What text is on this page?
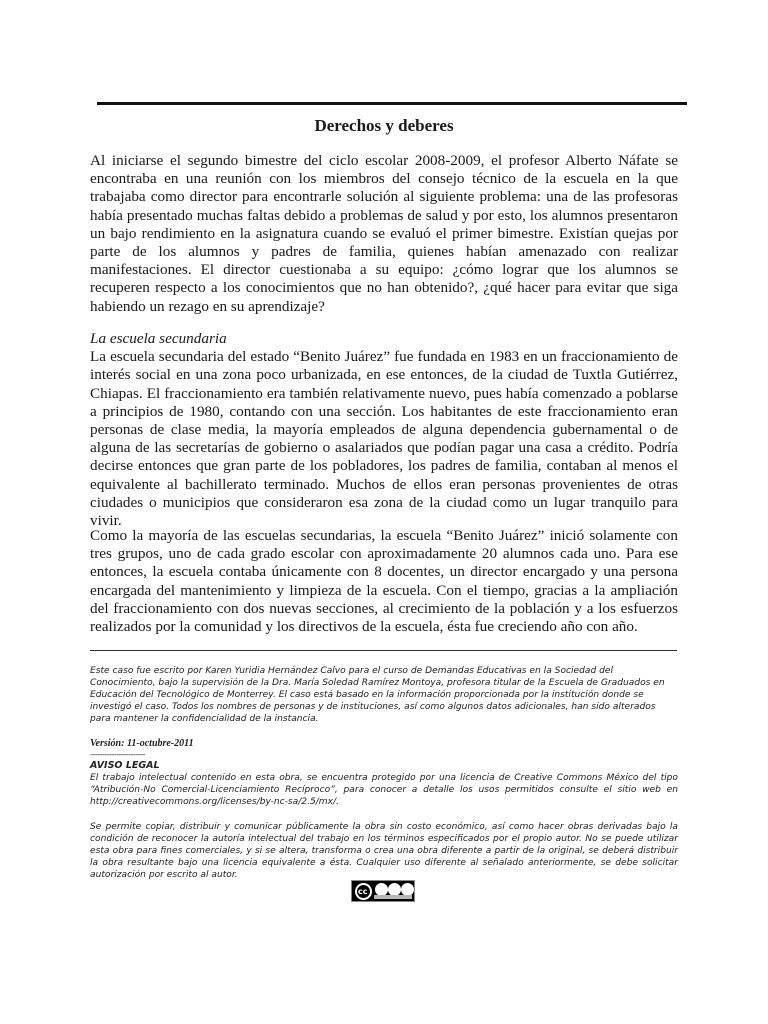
Derechos y deberes

Al iniciarse el segundo bimestre del ciclo escolar 2008-2009, el profesor Alberto Náfate se encontraba en una reunión con los miembros del consejo técnico de la escuela en la que trabajaba como director para encontrarle solución al siguiente problema: una de las profesoras había presentado muchas faltas debido a problemas de salud y por esto, los alumnos presentaron un bajo rendimiento en la asignatura cuando se evaluó el primer bimestre. Existían quejas por parte de los alumnos y padres de familia, quienes habían amenazado con realizar manifestaciones. El director cuestionaba a su equipo: ¿cómo lograr que los alumnos se recuperen respecto a los conocimientos que no han obtenido?, ¿qué hacer para evitar que siga habiendo un rezago en su aprendizaje?

La escuela secundaria

La escuela secundaria del estado “Benito Juárez” fue fundada en 1983 en un fraccionamiento de interés social en una zona poco urbanizada, en ese entonces, de la ciudad de Tuxtla Gutiérrez, Chiapas. El fraccionamiento era también relativamente nuevo, pues había comenzado a poblarse a principios de 1980, contando con una sección. Los habitantes de este fraccionamiento eran personas de clase media, la mayoría empleados de alguna dependencia gubernamental o de alguna de las secretarías de gobierno o asalariados que podían pagar una casa a crédito. Podría decirse entonces que gran parte de los pobladores, los padres de familia, contaban al menos el equivalente al bachillerato terminado. Muchos de ellos eran personas provenientes de otras ciudades o municipios que consideraron esa zona de la ciudad como un lugar tranquilo para vivir.

Como la mayoría de las escuelas secundarias, la escuela “Benito Juárez” inició solamente con tres grupos, uno de cada grado escolar con aproximadamente 20 alumnos cada uno. Para ese entonces, la escuela contaba únicamente con 8 docentes, un director encargado y una persona encargada del mantenimiento y limpieza de la escuela. Con el tiempo, gracias a la ampliación del fraccionamiento con dos nuevas secciones, al crecimiento de la población y a los esfuerzos realizados por la comunidad y los directivos de la escuela, ésta fue creciendo año con año.

Este caso fue escrito por Karen Yuridia Hernández Calvo para el curso de Demandas Educativas en la Sociedad del Conocimiento, bajo la supervisión de la Dra. María Soledad Ramírez Montoya, profesora titular de la Escuela de Graduados en Educación del Tecnológico de Monterrey. El caso está basado en la información proporcionada por la institución donde se investigó el caso. Todos los nombres de personas y de instituciones, así como algunos datos adicionales, han sido alterados para mantener la confidencialidad de la instancia.
Versión: 11-octubre-2011
-----------------------
AVISO LEGAL
El trabajo intelectual contenido en esta obra, se encuentra protegido por una licencia de Creative Commons México del tipo “Atribución-No Comercial-Licenciamiento Recíproco”, para conocer a detalle los usos permitidos consulte el sitio web en http://creativecommons.org/licenses/by-nc-sa/2.5/mx/.
Se permite copiar, distribuir y comunicar públicamente la obra sin costo económico, así como hacer obras derivadas bajo la condición de reconocer la autoría intelectual del trabajo en los términos especificados por el propio autor. No se puede utilizar esta obra para fines comerciales, y si se altera, transforma o crea una obra diferente a partir de la original, se deberá distribuir la obra resultante bajo una licencia equivalente a ésta. Cualquier uso diferente al señalado anteriormente, se debe solicitar autorización por escrito al autor.
cc
